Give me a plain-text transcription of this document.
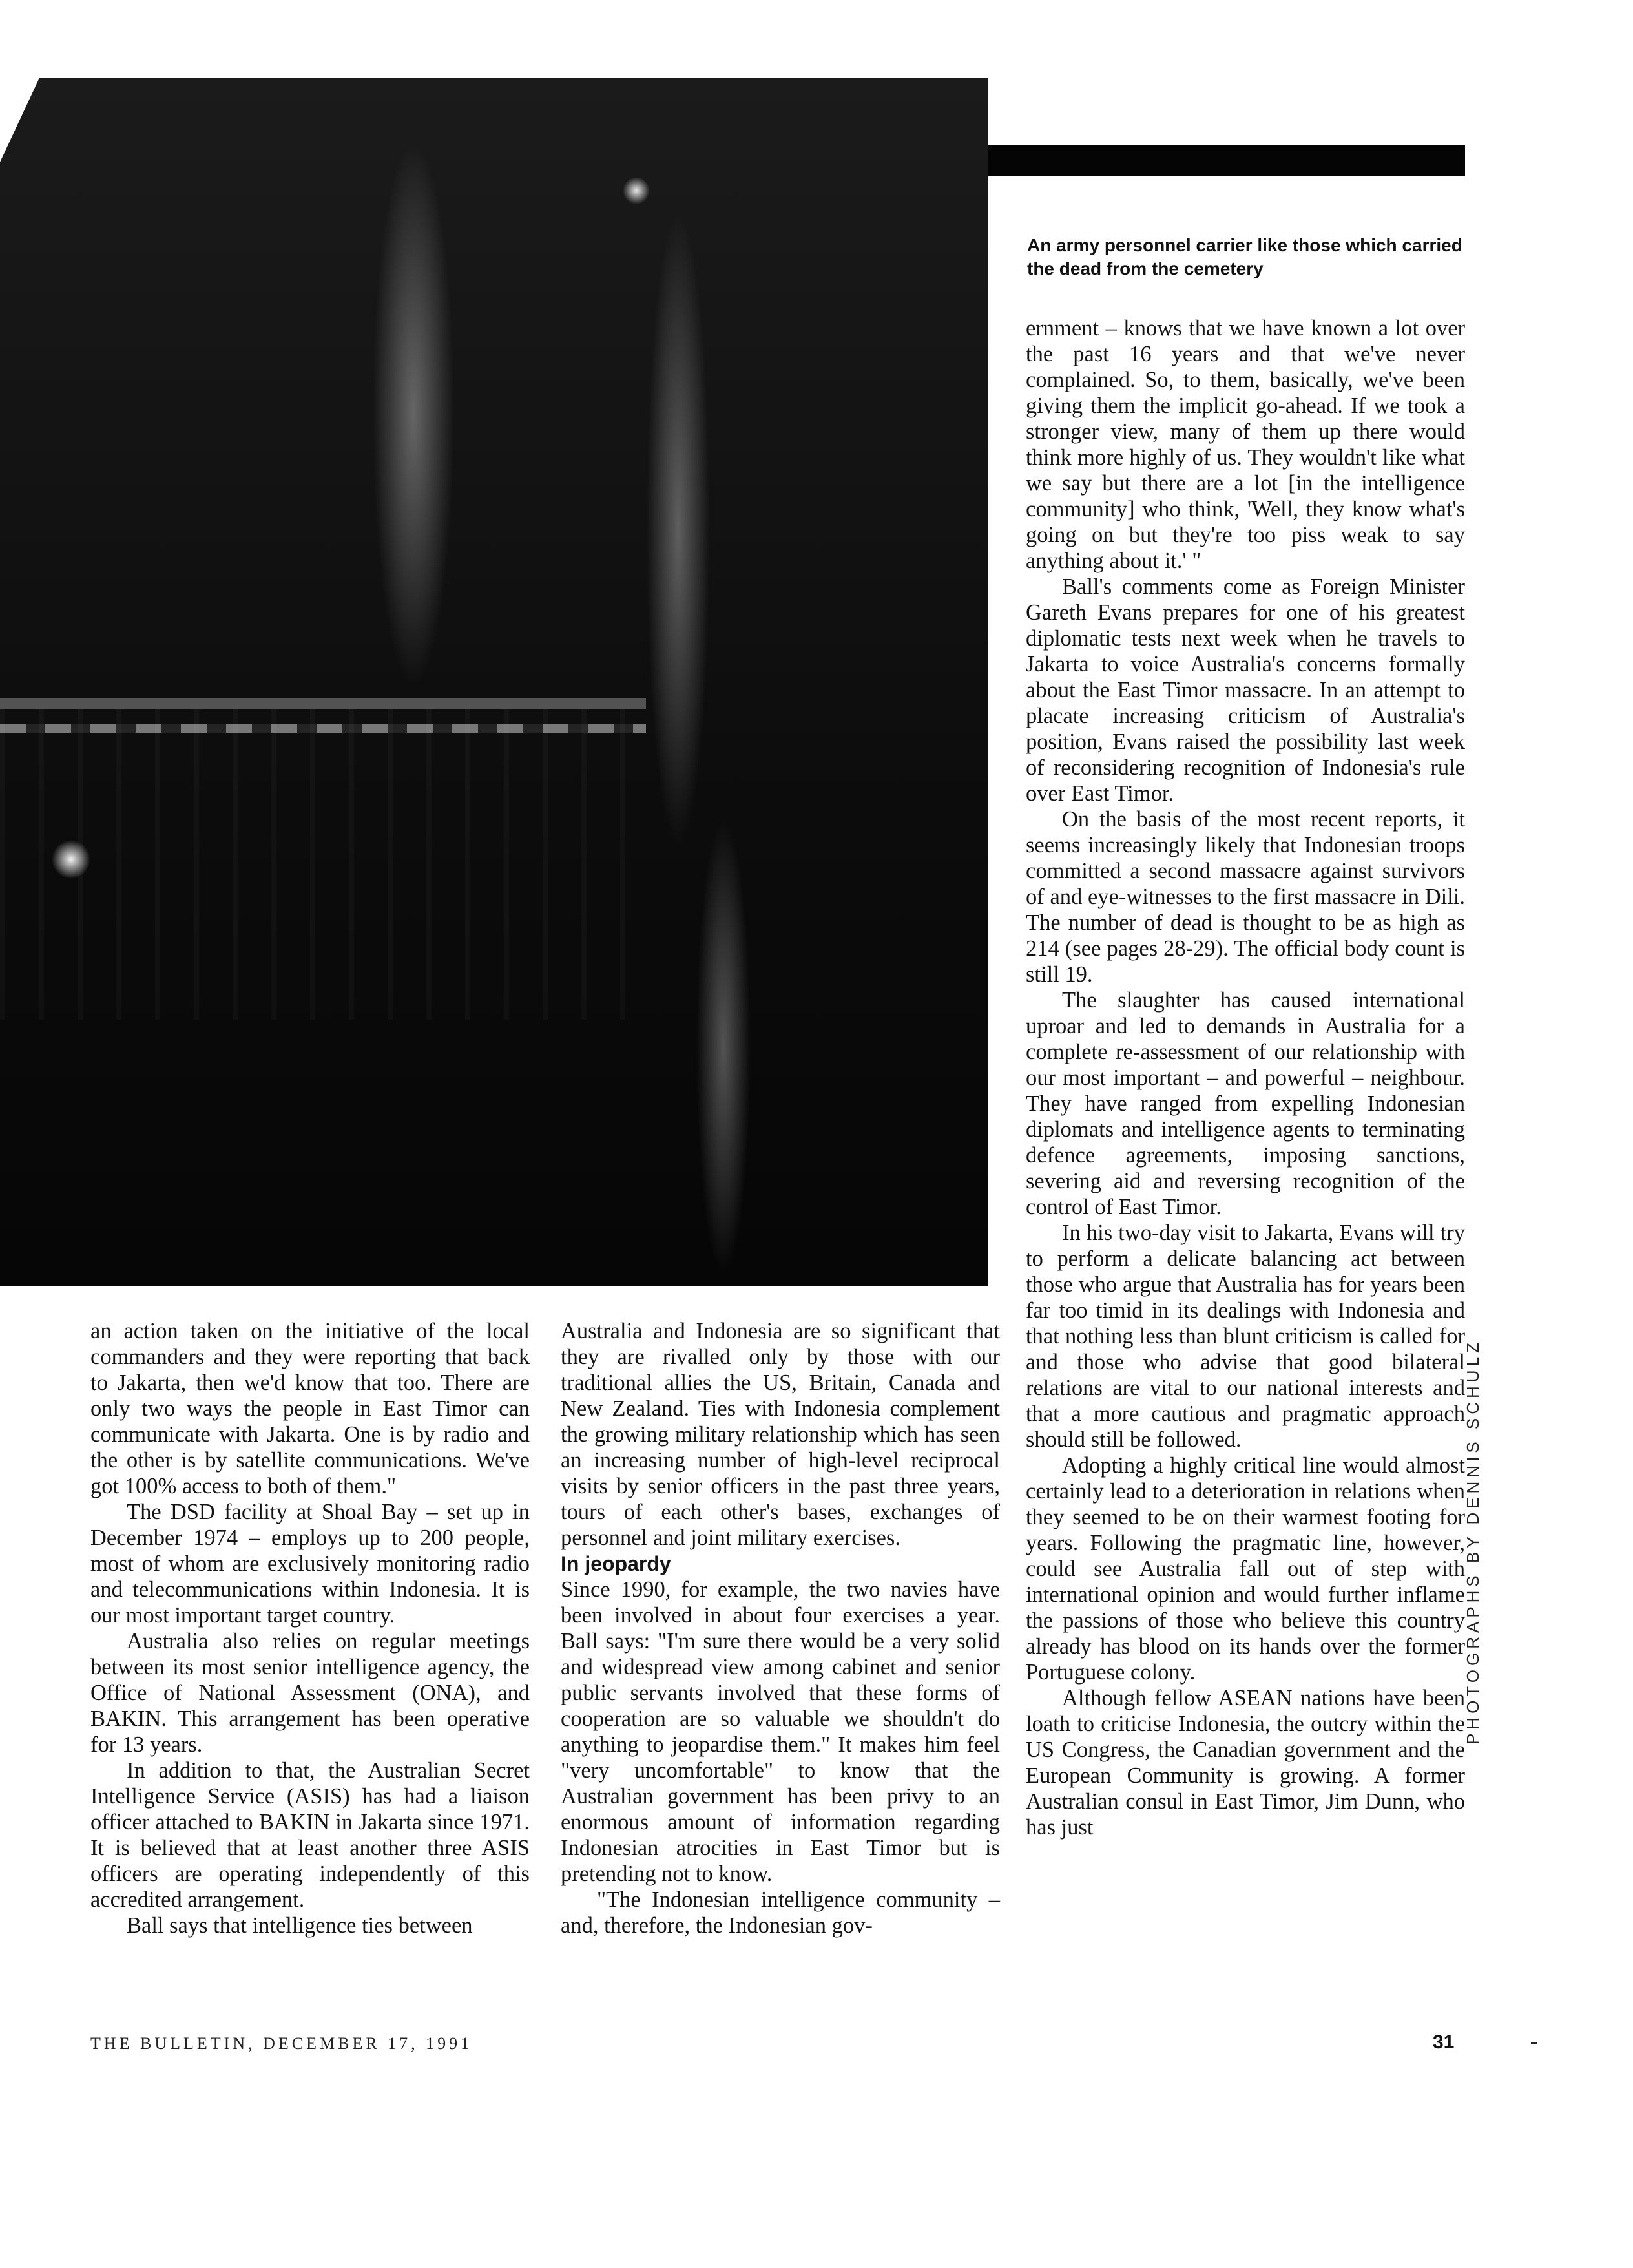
An army personnel carrier like those which carried the dead from the cemetery

ernment – knows that we have known a lot over the past 16 years and that we've never complained. So, to them, basically, we've been giving them the implicit go-ahead. If we took a stronger view, many of them up there would think more highly of us. They wouldn't like what we say but there are a lot [in the intelligence community] who think, 'Well, they know what's going on but they're too piss weak to say anything about it.' "

Ball's comments come as Foreign Minister Gareth Evans prepares for one of his greatest diplomatic tests next week when he travels to Jakarta to voice Australia's concerns formally about the East Timor massacre. In an attempt to placate increasing criticism of Australia's position, Evans raised the possibility last week of reconsidering recognition of Indonesia's rule over East Timor.

On the basis of the most recent reports, it seems increasingly likely that Indonesian troops committed a second massacre against survivors of and eye-witnesses to the first massacre in Dili. The number of dead is thought to be as high as 214 (see pages 28-29). The official body count is still 19.

The slaughter has caused international uproar and led to demands in Australia for a complete re-assessment of our relationship with our most important – and powerful – neighbour. They have ranged from expelling Indonesian diplomats and intelligence agents to terminating defence agreements, imposing sanctions, severing aid and reversing recognition of the control of East Timor.

In his two-day visit to Jakarta, Evans will try to perform a delicate balancing act between those who argue that Australia has for years been far too timid in its dealings with Indonesia and that nothing less than blunt criticism is called for and those who advise that good bilateral relations are vital to our national interests and that a more cautious and pragmatic approach should still be followed.

Adopting a highly critical line would almost certainly lead to a deterioration in relations when they seemed to be on their warmest footing for years. Following the pragmatic line, however, could see Australia fall out of step with international opinion and would further inflame the passions of those who believe this country already has blood on its hands over the former Portuguese colony.

Although fellow ASEAN nations have been loath to criticise Indonesia, the outcry within the US Congress, the Canadian government and the European Community is growing. A former Australian consul in East Timor, Jim Dunn, who has just

an action taken on the initiative of the local commanders and they were reporting that back to Jakarta, then we'd know that too. There are only two ways the people in East Timor can communicate with Jakarta. One is by radio and the other is by satellite communications. We've got 100% access to both of them."

The DSD facility at Shoal Bay – set up in December 1974 – employs up to 200 people, most of whom are exclusively monitoring radio and telecommunications within Indonesia. It is our most important target country.

Australia also relies on regular meetings between its most senior intelligence agency, the Office of National Assessment (ONA), and BAKIN. This arrangement has been operative for 13 years.

In addition to that, the Australian Secret Intelligence Service (ASIS) has had a liaison officer attached to BAKIN in Jakarta since 1971. It is believed that at least another three ASIS officers are operating independently of this accredited arrangement.

Ball says that intelligence ties between

Australia and Indonesia are so significant that they are rivalled only by those with our traditional allies the US, Britain, Canada and New Zealand. Ties with Indonesia complement the growing military relationship which has seen an increasing number of high-level reciprocal visits by senior officers in the past three years, tours of each other's bases, exchanges of personnel and joint military exercises.

In jeopardy

Since 1990, for example, the two navies have been involved in about four exercises a year. Ball says: "I'm sure there would be a very solid and widespread view among cabinet and senior public servants involved that these forms of cooperation are so valuable we shouldn't do anything to jeopardise them." It makes him feel "very uncomfortable" to know that the Australian government has been privy to an enormous amount of information regarding Indonesian atrocities in East Timor but is pretending not to know.

"The Indonesian intelligence community – and, therefore, the Indonesian gov-

PHOTOGRAPHS BY DENNIS SCHULZ
THE BULLETIN, DECEMBER 17, 1991	31
